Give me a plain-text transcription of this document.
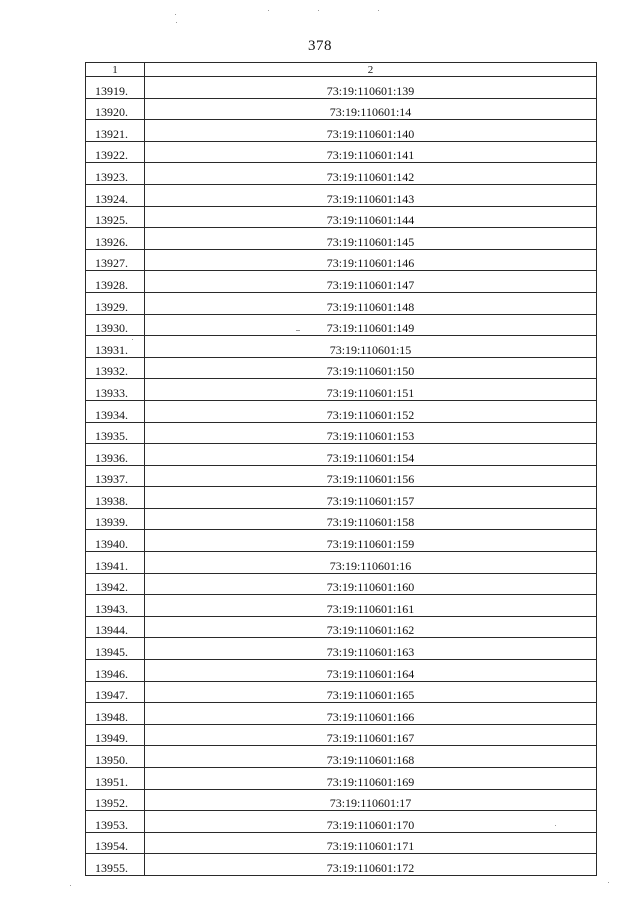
378
1	2
13919.	73:19:110601:139
13920.	73:19:110601:14
13921.	73:19:110601:140
13922.	73:19:110601:141
13923.	73:19:110601:142
13924.	73:19:110601:143
13925.	73:19:110601:144
13926.	73:19:110601:145
13927.	73:19:110601:146
13928.	73:19:110601:147
13929.	73:19:110601:148
13930.	73:19:110601:149
13931.	73:19:110601:15
13932.	73:19:110601:150
13933.	73:19:110601:151
13934.	73:19:110601:152
13935.	73:19:110601:153
13936.	73:19:110601:154
13937.	73:19:110601:156
13938.	73:19:110601:157
13939.	73:19:110601:158
13940.	73:19:110601:159
13941.	73:19:110601:16
13942.	73:19:110601:160
13943.	73:19:110601:161
13944.	73:19:110601:162
13945.	73:19:110601:163
13946.	73:19:110601:164
13947.	73:19:110601:165
13948.	73:19:110601:166
13949.	73:19:110601:167
13950.	73:19:110601:168
13951.	73:19:110601:169
13952.	73:19:110601:17
13953.	73:19:110601:170
13954.	73:19:110601:171
13955.	73:19:110601:172
